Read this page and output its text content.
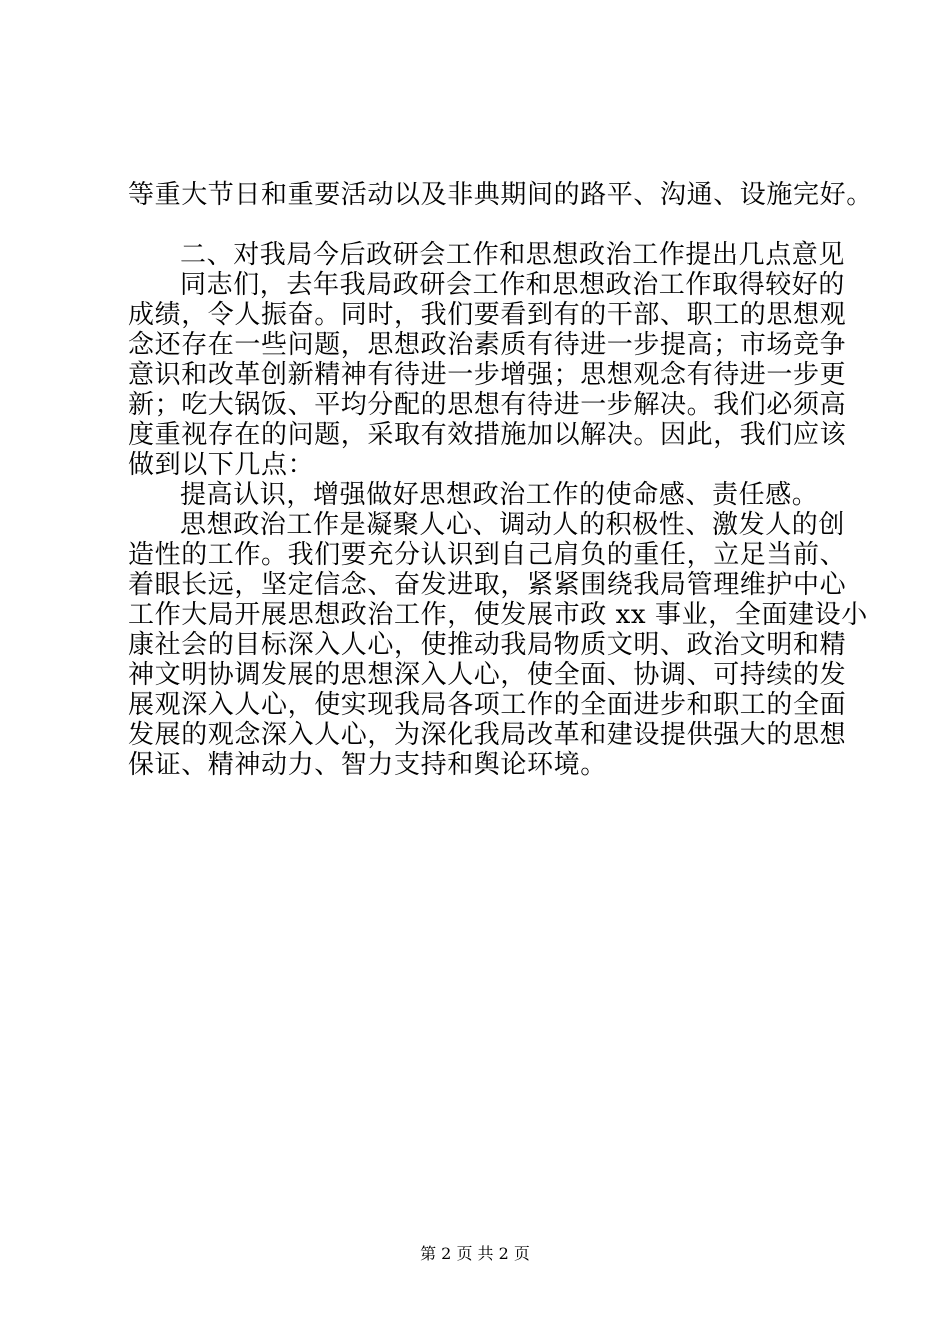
等重大节日和重要活动以及非典期间的路平、沟通、设施完好。
二、对我局今后政研会工作和思想政治工作提出几点意见
同志们，去年我局政研会工作和思想政治工作取得较好的
成绩，令人振奋。同时，我们要看到有的干部、职工的思想观
念还存在一些问题，思想政治素质有待进一步提高；市场竞争
意识和改革创新精神有待进一步增强；思想观念有待进一步更
新；吃大锅饭、平均分配的思想有待进一步解决。我们必须高
度重视存在的问题，采取有效措施加以解决。因此，我们应该
做到以下几点：
提高认识，增强做好思想政治工作的使命感、责任感。
思想政治工作是凝聚人心、调动人的积极性、激发人的创
造性的工作。我们要充分认识到自己肩负的重任，立足当前、
着眼长远，坚定信念、奋发进取，紧紧围绕我局管理维护中心
工作大局开展思想政治工作，使发展市政 xx 事业，全面建设小
康社会的目标深入人心，使推动我局物质文明、政治文明和精
神文明协调发展的思想深入人心，使全面、协调、可持续的发
展观深入人心，使实现我局各项工作的全面进步和职工的全面
发展的观念深入人心，为深化我局改革和建设提供强大的思想
保证、精神动力、智力支持和舆论环境。
第 2 页 共 2 页
